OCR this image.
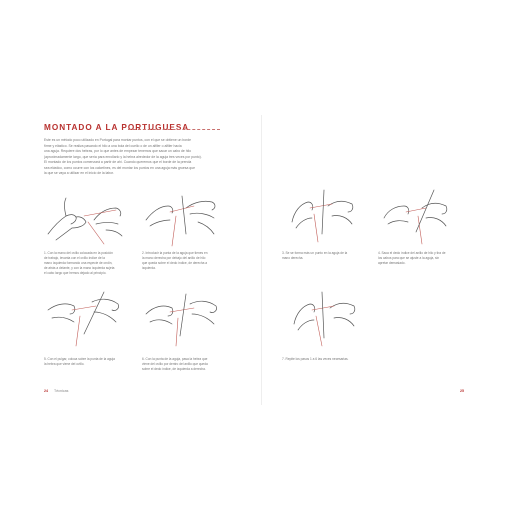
MONTADO A LA PORTUGUESA

Este es un método poco utilizado en Portugal para montar puntos, con el que se obtiene un borde

firme y elástico. Se realiza pasando el hilo a una bola del cuello o de un alfiler o alfiler hacia

una aguja. Requiere dos hebras, por lo que antes de empezar tenemos que sacar un cabo de hilo

(aproximadamente largo, que sería para enrollarlo y la hebra alrededor de la aguja tres veces por punto).

El montado de los puntos comenzará a partir de ahí. Cuando queremos que el borde de la prenda

sea elástico, como ocurre con los calcetines, es del montar los puntos en una aguja más gruesa que

la que se vaya a utilizar en el inicio de la labor.

1. Con la mano del ovillo colocada en la posición
de trabajo, levanta con el ovillo índice de la
mano izquierda formando una especie de ondín,
de atrás a delante, y con la mano izquierda sujeta
el cabo largo que hemos dejado al principio.
2. Introducir la punta de la aguja que tienes en
la mano derecha por debajo del anillo de hilo
que queda sobre el dedo índice, de derecha a
izquierda.
3. Se se forma más un punto en la aguja de la
mano derecha.
4. Saca el dedo índice del anillo de hilo y tira de
los cabos para que se ajuste a la aguja, sin
apretar demasiado.
5. Con el pulgar, coloca sobre la punta de la aguja
la hebra que viene del ovillo.
6. Con la punta de la aguja, pasa la hebra que
viene del ovillo por dentro del anillo que queda
sobre el dedo índice, de izquierda a derecha.
7. Repite los pasos 1 a 6 las veces necesarias.
24 Técnicas	25
